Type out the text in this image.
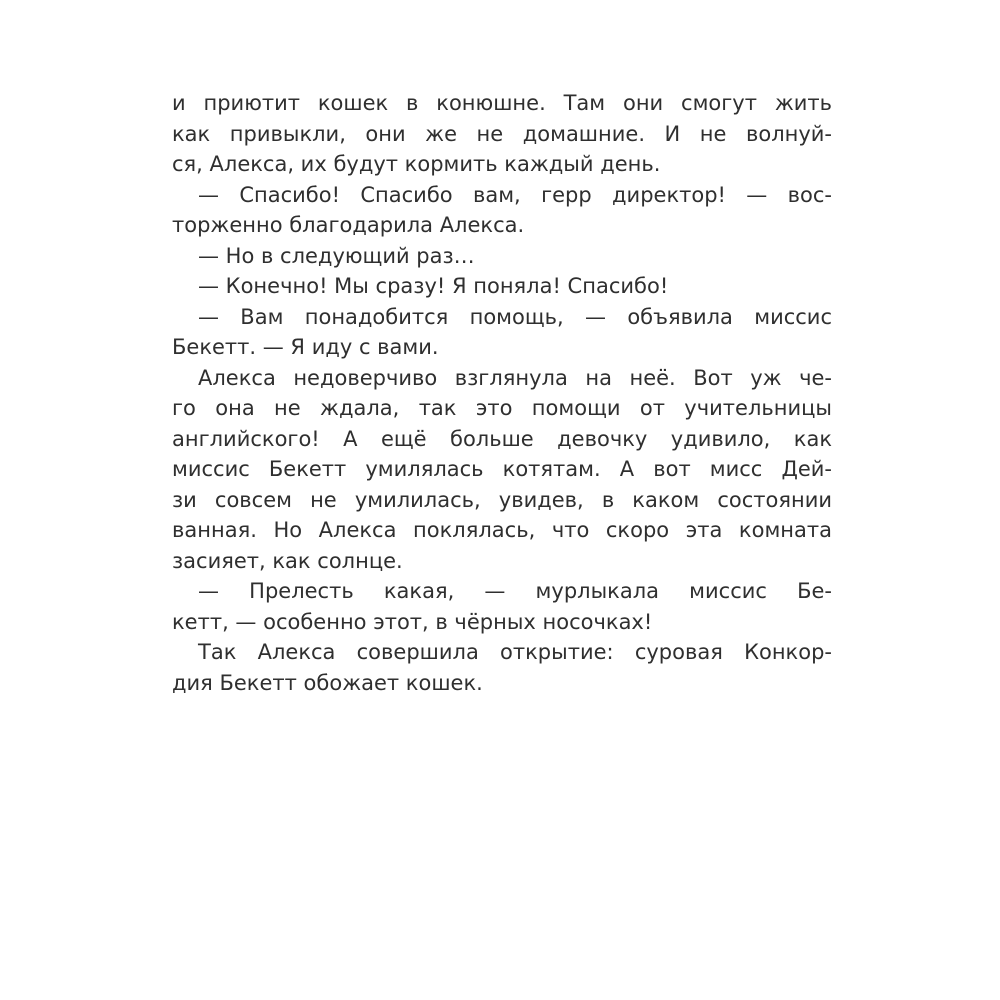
и приютит кошек в конюшне. Там они смогут жить
как привыкли, они же не домашние. И не волнуй-
ся, Алекса, их будут кормить каждый день.
— Спасибо! Спасибо вам, герр директор! — вос-
торженно благодарила Алекса.
— Но в следующий раз…
— Конечно! Мы сразу! Я поняла! Спасибо!
— Вам понадобится помощь, — объявила миссис
Бекетт. — Я иду с вами.
Алекса недоверчиво взглянула на неё. Вот уж че-
го она не ждала, так это помощи от учительницы
английского! А ещё больше девочку удивило, как
миссис Бекетт умилялась котятам. А вот мисс Дей-
зи совсем не умилилась, увидев, в каком состоянии
ванная. Но Алекса поклялась, что скоро эта комната
засияет, как солнце.
— Прелесть какая, — мурлыкала миссис Бе-
кетт, — особенно этот, в чёрных носочках!
Так Алекса совершила открытие: суровая Конкор-
дия Бекетт обожает кошек.
